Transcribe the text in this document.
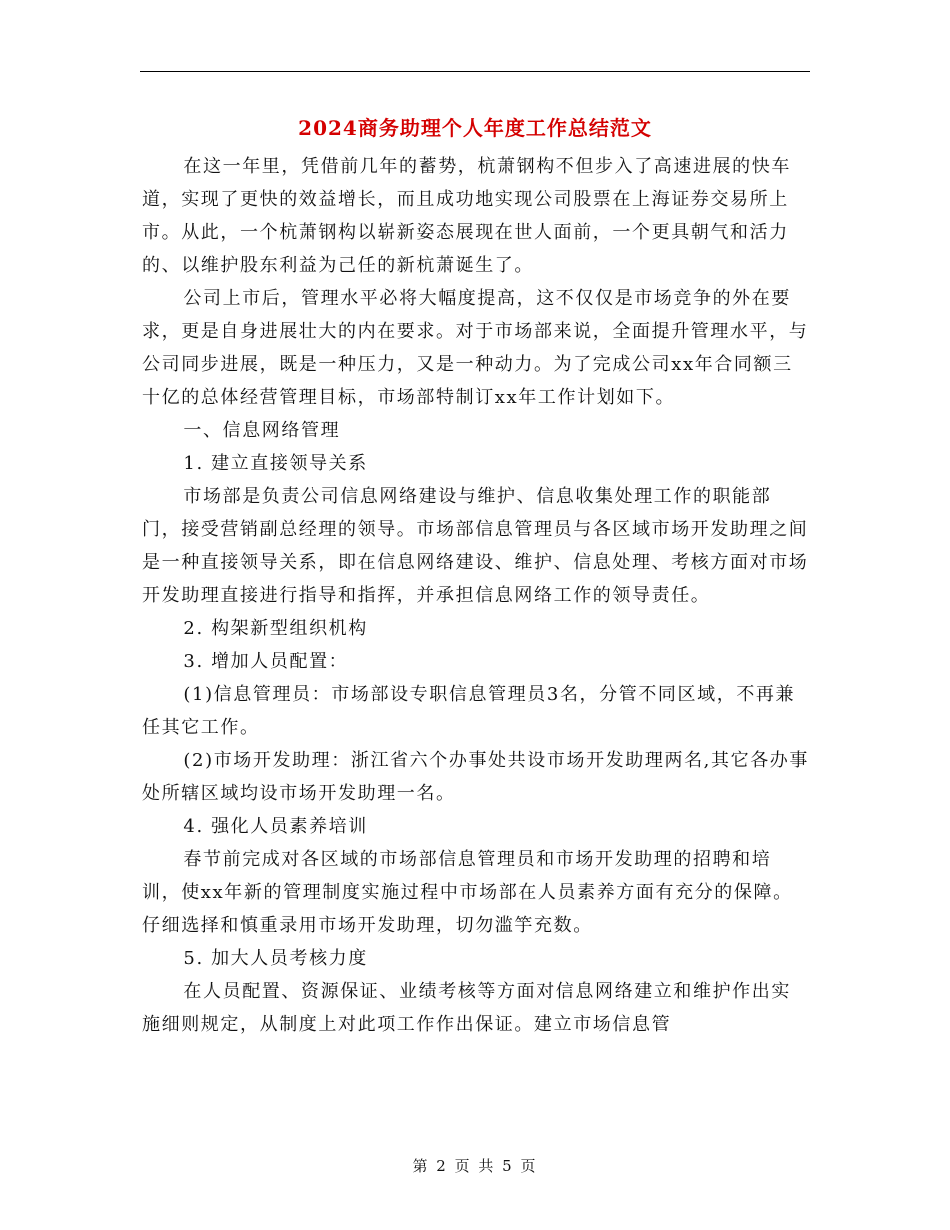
2024商务助理个人年度工作总结范文

在这一年里，凭借前几年的蓄势，杭萧钢构不但步入了高速进展的快车道，实现了更快的效益增长，而且成功地实现公司股票在上海证券交易所上市。从此，一个杭萧钢构以崭新姿态展现在世人面前，一个更具朝气和活力的、以维护股东利益为己任的新杭萧诞生了。

公司上市后，管理水平必将大幅度提高，这不仅仅是市场竞争的外在要求，更是自身进展壮大的内在要求。对于市场部来说，全面提升管理水平，与公司同步进展，既是一种压力，又是一种动力。为了完成公司xx年合同额三十亿的总体经营管理目标，市场部特制订xx年工作计划如下。

一、信息网络管理

1. 建立直接领导关系

市场部是负责公司信息网络建设与维护、信息收集处理工作的职能部门，接受营销副总经理的领导。市场部信息管理员与各区域市场开发助理之间是一种直接领导关系，即在信息网络建设、维护、信息处理、考核方面对市场开发助理直接进行指导和指挥，并承担信息网络工作的领导责任。

2. 构架新型组织机构

3. 增加人员配置：

(1)信息管理员：市场部设专职信息管理员3名，分管不同区域，不再兼任其它工作。

(2)市场开发助理：浙江省六个办事处共设市场开发助理两名,其它各办事处所辖区域均设市场开发助理一名。

4. 强化人员素养培训

春节前完成对各区域的市场部信息管理员和市场开发助理的招聘和培训，使xx年新的管理制度实施过程中市场部在人员素养方面有充分的保障。仔细选择和慎重录用市场开发助理，切勿滥竽充数。

5. 加大人员考核力度

在人员配置、资源保证、业绩考核等方面对信息网络建立和维护作出实施细则规定，从制度上对此项工作作出保证。建立市场信息管

第 2 页 共 5 页
